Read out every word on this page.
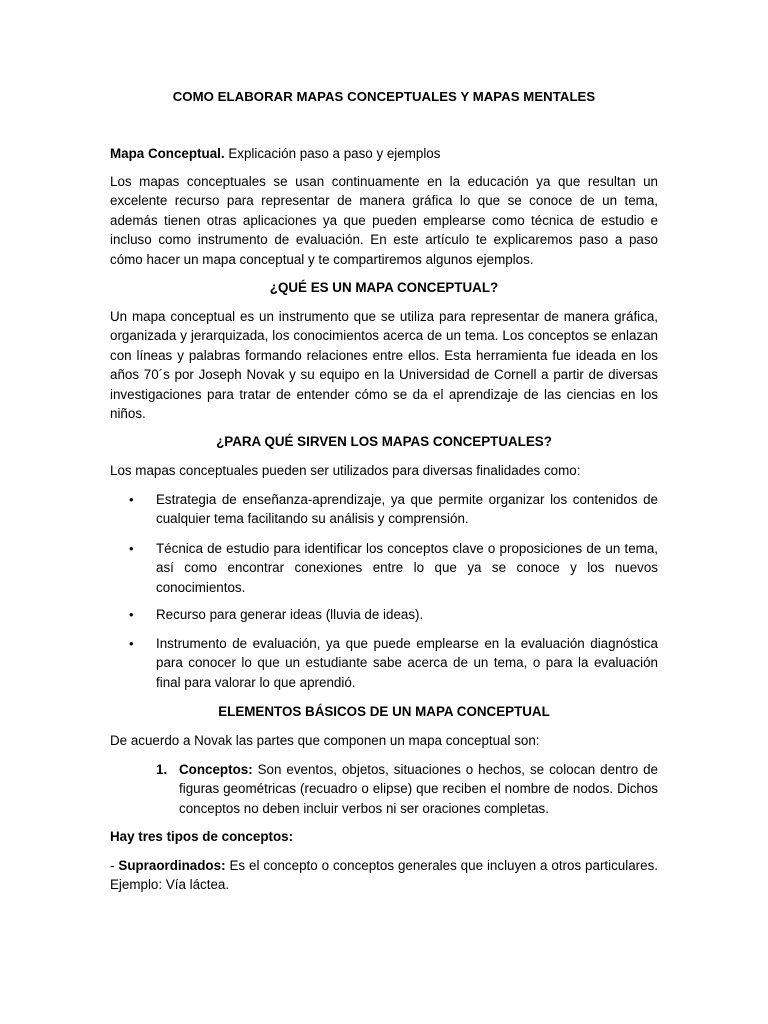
COMO ELABORAR MAPAS CONCEPTUALES Y MAPAS MENTALES

Mapa Conceptual. Explicación paso a paso y ejemplos

Los mapas conceptuales se usan continuamente en la educación ya que resultan un excelente recurso para representar de manera gráfica lo que se conoce de un tema, además tienen otras aplicaciones ya que pueden emplearse como técnica de estudio e incluso como instrumento de evaluación. En este artículo te explicaremos paso a paso cómo hacer un mapa conceptual y te compartiremos algunos ejemplos.

¿QUÉ ES UN MAPA CONCEPTUAL?

Un mapa conceptual es un instrumento que se utiliza para representar de manera gráfica, organizada y jerarquizada, los conocimientos acerca de un tema. Los conceptos se enlazan con líneas y palabras formando relaciones entre ellos. Esta herramienta fue ideada en los años 70´s por Joseph Novak y su equipo en la Universidad de Cornell a partir de diversas investigaciones para tratar de entender cómo se da el aprendizaje de las ciencias en los niños.

¿PARA QUÉ SIRVEN LOS MAPAS CONCEPTUALES?

Los mapas conceptuales pueden ser utilizados para diversas finalidades como:

• Estrategia de enseñanza-aprendizaje, ya que permite organizar los contenidos de cualquier tema facilitando su análisis y comprensión.

• Técnica de estudio para identificar los conceptos clave o proposiciones de un tema, así como encontrar conexiones entre lo que ya se conoce y los nuevos conocimientos.

• Recurso para generar ideas (lluvia de ideas).

• Instrumento de evaluación, ya que puede emplearse en la evaluación diagnóstica para conocer lo que un estudiante sabe acerca de un tema, o para la evaluación final para valorar lo que aprendió.

ELEMENTOS BÁSICOS DE UN MAPA CONCEPTUAL

De acuerdo a Novak las partes que componen un mapa conceptual son:

1. Conceptos: Son eventos, objetos, situaciones o hechos, se colocan dentro de figuras geométricas (recuadro o elipse) que reciben el nombre de nodos. Dichos conceptos no deben incluir verbos ni ser oraciones completas.

Hay tres tipos de conceptos:

- Supraordinados: Es el concepto o conceptos generales que incluyen a otros particulares. Ejemplo: Vía láctea.
